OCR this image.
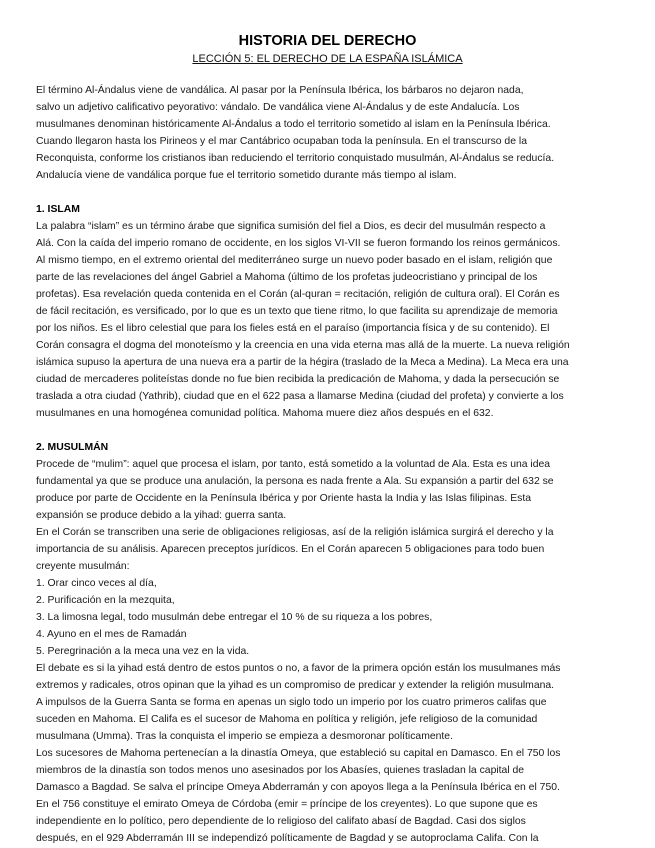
HISTORIA DEL DERECHO
LECCIÓN 5: EL DERECHO DE LA ESPAÑA ISLÁMICA

El término Al-Ándalus viene de vandálica. Al pasar por la Península Ibérica, los bárbaros no dejaron nada,
salvo un adjetivo calificativo peyorativo: vándalo. De vandálica viene Al-Ándalus y de este Andalucía. Los
musulmanes denominan históricamente Al-Ándalus a todo el territorio sometido al islam en la Península Ibérica.
Cuando llegaron hasta los Pirineos y el mar Cantábrico ocupaban toda la península. En el transcurso de la
Reconquista, conforme los cristianos iban reduciendo el territorio conquistado musulmán, Al-Ándalus se reducía.
Andalucía viene de vandálica porque fue el territorio sometido durante más tiempo al islam.

1. ISLAM

La palabra “islam” es un término árabe que significa sumisión del fiel a Dios, es decir del musulmán respecto a
Alá. Con la caída del imperio romano de occidente, en los siglos VI-VII se fueron formando los reinos germánicos.
Al mismo tiempo, en el extremo oriental del mediterráneo surge un nuevo poder basado en el islam, religión que
parte de las revelaciones del ángel Gabriel a Mahoma (último de los profetas judeocristiano y principal de los
profetas). Esa revelación queda contenida en el Corán (al-quran = recitación, religión de cultura oral). El Corán es
de fácil recitación, es versificado, por lo que es un texto que tiene ritmo, lo que facilita su aprendizaje de memoria
por los niños. Es el libro celestial que para los fieles está en el paraíso (importancia física y de su contenido). El
Corán consagra el dogma del monoteísmo y la creencia en una vida eterna mas allá de la muerte. La nueva religión
islámica supuso la apertura de una nueva era a partir de la hégira (traslado de la Meca a Medina). La Meca era una
ciudad de mercaderes politeístas donde no fue bien recibida la predicación de Mahoma, y dada la persecución se
traslada a otra ciudad (Yathrib), ciudad que en el 622 pasa a llamarse Medina (ciudad del profeta) y convierte a los
musulmanes en una homogénea comunidad política. Mahoma muere diez años después en el 632.

2. MUSULMÁN

Procede de “mulim”: aquel que procesa el islam, por tanto, está sometido a la voluntad de Ala. Esta es una idea
fundamental ya que se produce una anulación, la persona es nada frente a Ala. Su expansión a partir del 632 se
produce por parte de Occidente en la Península Ibérica y por Oriente hasta la India y las Islas filipinas. Esta
expansión se produce debido a la yihad: guerra santa.
En el Corán se transcriben una serie de obligaciones religiosas, así de la religión islámica surgirá el derecho y la
importancia de su análisis. Aparecen preceptos jurídicos. En el Corán aparecen 5 obligaciones para todo buen
creyente musulmán:

1. Orar cinco veces al día,
2. Purificación en la mezquita,
3. La limosna legal, todo musulmán debe entregar el 10 % de su riqueza a los pobres,
4. Ayuno en el mes de Ramadán
5. Peregrinación a la meca una vez en la vida.

El debate es si la yihad está dentro de estos puntos o no, a favor de la primera opción están los musulmanes más
extremos y radicales, otros opinan que la yihad es un compromiso de predicar y extender la religión musulmana.
A impulsos de la Guerra Santa se forma en apenas un siglo todo un imperio por los cuatro primeros califas que
suceden en Mahoma. El Califa es el sucesor de Mahoma en política y religión, jefe religioso de la comunidad
musulmana (Umma). Tras la conquista el imperio se empieza a desmoronar políticamente.
Los sucesores de Mahoma pertenecían a la dinastía Omeya, que estableció su capital en Damasco. En el 750 los
miembros de la dinastía son todos menos uno asesinados por los Abasíes, quienes trasladan la capital de
Damasco a Bagdad. Se salva el príncipe Omeya Abderramán y con apoyos llega a la Península Ibérica en el 750.
En el 756 constituye el emirato Omeya de Córdoba (emir = príncipe de los creyentes). Lo que supone que es
independiente en lo político, pero dependiente de lo religioso del califato abasí de Bagdad. Casi dos siglos
después, en el 929 Abderramán III se independizó políticamente de Bagdad y se autoproclama Califa. Con la
